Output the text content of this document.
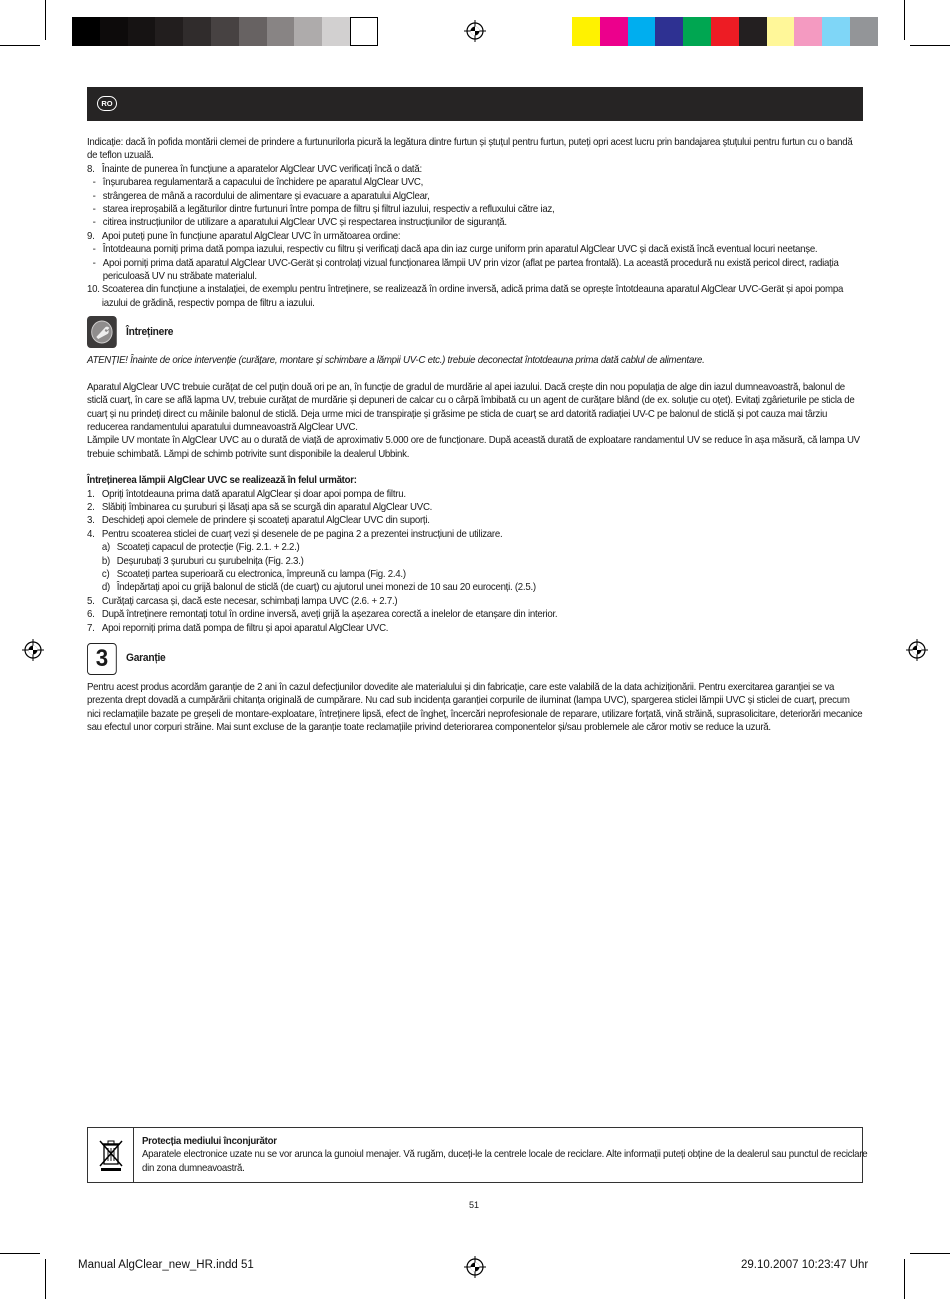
RO

Indicație: dacă în pofida montării clemei de prindere a furtunurilorla picură la legătura dintre furtun și ștuțul pentru furtun, puteți opri acest lucru prin bandajarea ștuțului pentru furtun cu o bandă de teflon uzuală.

8. Înainte de punerea în funcțiune a aparatelor AlgClear UVC verificați încă o dată:
- înșurubarea regulamentară a capacului de închidere pe aparatul AlgClear UVC,
- strângerea de mână a racordului de alimentare și evacuare a aparatului AlgClear,
- starea ireproșabilă a legăturilor dintre furtunuri între pompa de filtru și filtrul iazului, respectiv a refluxului către iaz,
- citirea instrucțiunilor de utilizare a aparatului AlgClear UVC și respectarea instrucțiunilor de siguranță.
9. Apoi puteți pune în funcțiune aparatul AlgClear UVC în următoarea ordine:
- Întotdeauna porniți prima dată pompa iazului, respectiv cu filtru și verificați dacă apa din iaz curge uniform prin aparatul AlgClear UVC și dacă există încă eventual locuri neetanșe.
- Apoi porniți prima dată aparatul AlgClear UVC-Gerät și controlați vizual funcționarea lămpii UV prin vizor (aflat pe partea frontală). La această procedură nu există pericol direct, radiația periculoasă UV nu străbate materialul.
10. Scoaterea din funcțiune a instalației, de exemplu pentru întreținere, se realizează în ordine inversă, adică prima dată se oprește întotdeauna aparatul AlgClear UVC-Gerät și apoi pompa iazului de grădină, respectiv pompa de filtru a iazului.
Întreținere

ATENȚIE! Înainte de orice intervenție (curățare, montare și schimbare a lămpii UV-C etc.) trebuie deconectat întotdeauna prima dată cablul de alimentare.

Aparatul AlgClear UVC trebuie curățat de cel puțin două ori pe an, în funcție de gradul de murdărie al apei iazului. Dacă crește din nou populația de alge din iazul dumneavoastră, balonul de sticlă cuarț, în care se află lapma UV, trebuie curățat de murdărie și depuneri de calcar cu o cârpă îmbibată cu un agent de curățare blând (de ex. soluție cu oțet). Evitați zgârieturile pe sticla de cuarț și nu prindeți direct cu mâinile balonul de sticlă. Deja urme mici de transpirație și grăsime pe sticla de cuarț se ard datorită radiației UV-C pe balonul de sticlă și pot cauza mai târziu reducerea randamentului aparatului dumneavoastră AlgClear UVC.

Lămpile UV montate în AlgClear UVC au o durată de viață de aproximativ 5.000 ore de funcționare. După această durată de exploatare randamentul UV se reduce în așa măsură, că lampa UV trebuie schimbată. Lămpi de schimb potrivite sunt disponibile la dealerul Ubbink.

Întreținerea lămpii AlgClear UVC se realizează în felul următor:

1. Opriți întotdeauna prima dată aparatul AlgClear și doar apoi pompa de filtru.
2. Slăbiți îmbinarea cu șuruburi și lăsați apa să se scurgă din aparatul AlgClear UVC.
3. Deschideți apoi clemele de prindere și scoateți aparatul AlgClear UVC din suporți.
4. Pentru scoaterea sticlei de cuarț vezi și desenele de pe pagina 2 a prezentei instrucțiuni de utilizare.
a) Scoateți capacul de protecție (Fig. 2.1. + 2.2.)
b) Deșurubați 3 șuruburi cu șurubelnița (Fig. 2.3.)
c) Scoateți partea superioară cu electronica, împreună cu lampa (Fig. 2.4.)
d) Îndepărtați apoi cu grijă balonul de sticlă (de cuarț) cu ajutorul unei monezi de 10 sau 20 eurocenți. (2.5.)
5. Curățați carcasa și, dacă este necesar, schimbați lampa UVC (2.6. + 2.7.)
6. După întreținere remontați totul în ordine inversă, aveți grijă la așezarea corectă a inelelor de etanșare din interior.
7. Apoi reporniți prima dată pompa de filtru și apoi aparatul AlgClear UVC.
3 Garanție

Pentru acest produs acordăm garanție de 2 ani în cazul defecțiunilor dovedite ale materialului și din fabricație, care este valabilă de la data achiziționării. Pentru exercitarea garanției se va prezenta drept dovadă a cumpărării chitanța originală de cumpărare. Nu cad sub incidența garanției corpurile de iluminat (lampa UVC), spargerea sticlei lămpii UVC și sticlei de cuarț, precum nici reclamațiile bazate pe greșeli de montare-exploatare, întreținere lipsă, efect de îngheț, încercări neprofesionale de reparare, utilizare forțată, vină străină, suprasolicitare, deteriorări mecanice sau efectul unor corpuri străine. Mai sunt excluse de la garanție toate reclamațiile privind deteriorarea componentelor și/sau problemele ale căror motiv se reduce la uzură.

Protecția mediului înconjurător
Aparatele electronice uzate nu se vor arunca la gunoiul menajer. Vă rugăm, duceți-le la centrele locale de reciclare. Alte informații puteți obține de la dealerul sau punctul de reciclare din zona dumneavoastră.
51
Manual AlgClear_new_HR.indd 51	29.10.2007 10:23:47 Uhr
